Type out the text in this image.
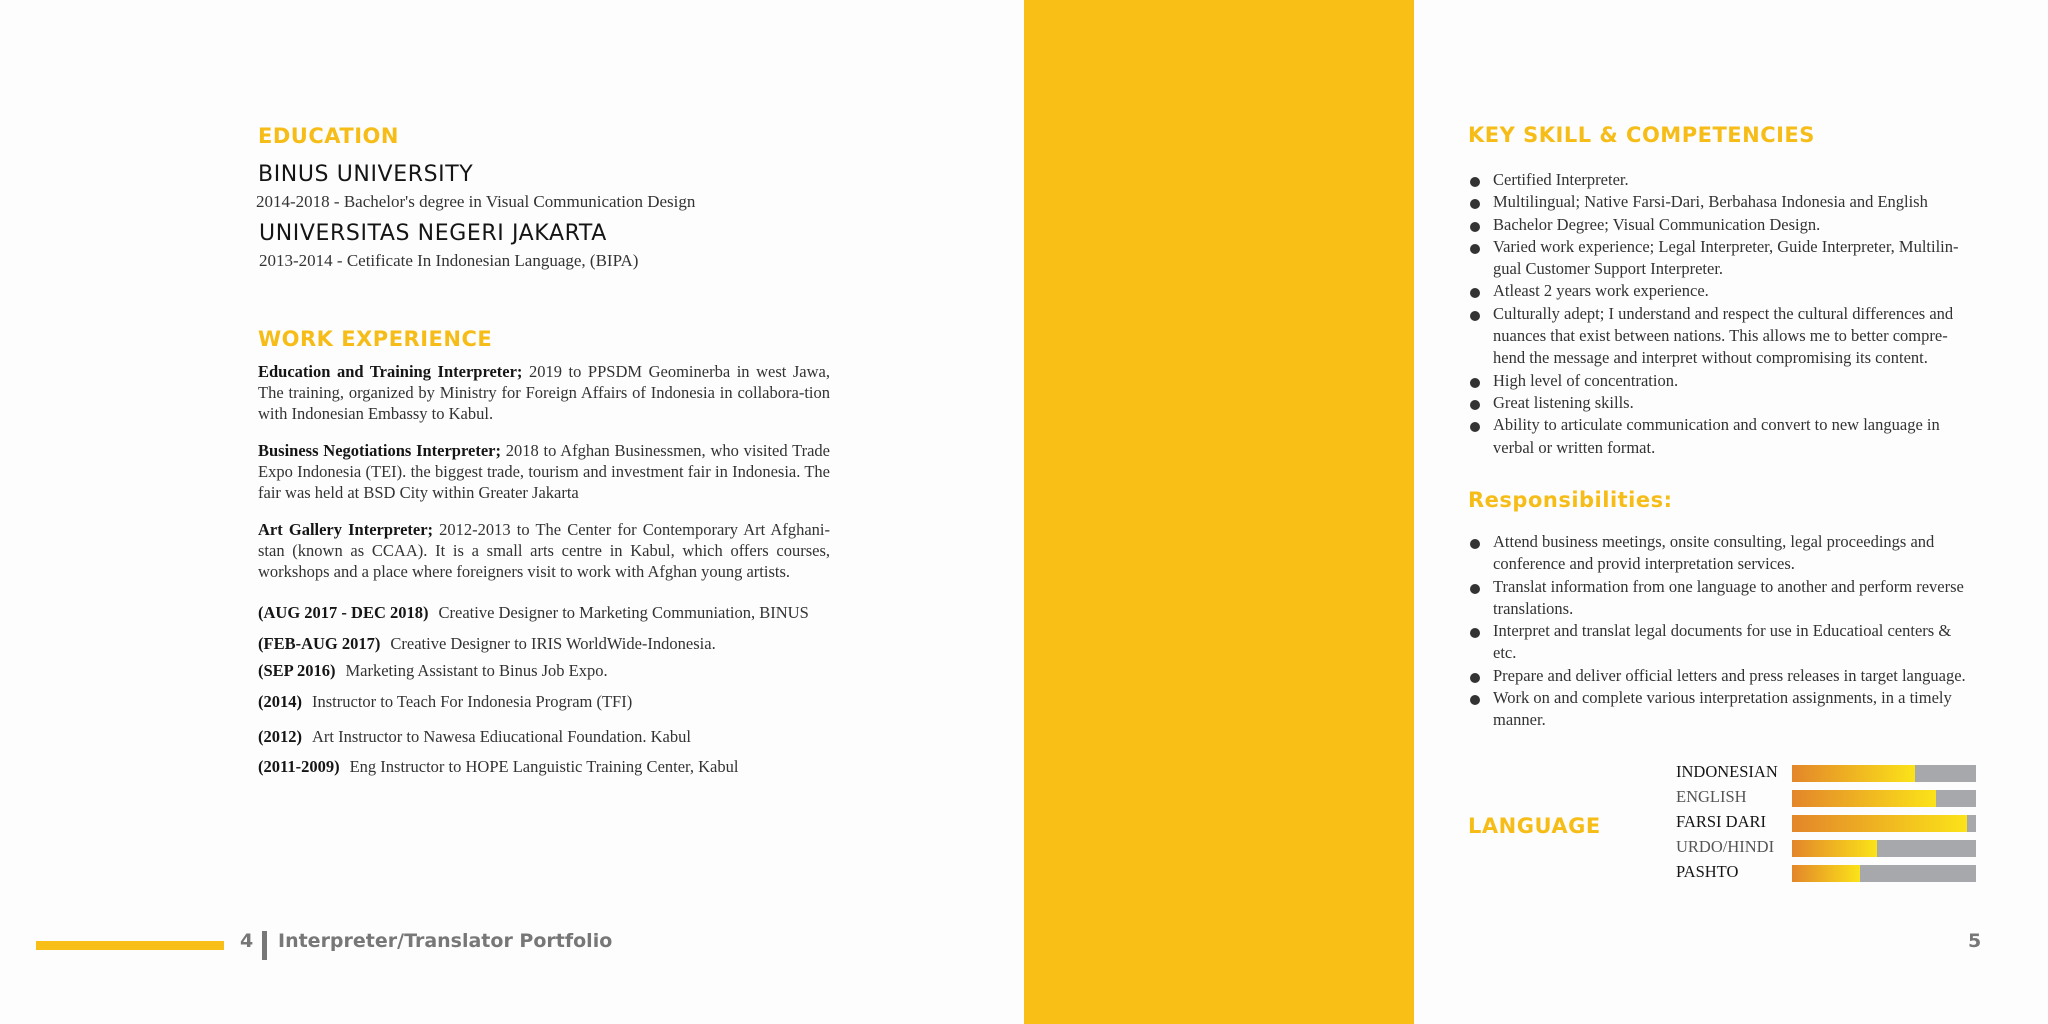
EDUCATION
BINUS UNIVERSITY
2014-2018 - Bachelor's degree in Visual Communication Design
UNIVERSITAS NEGERI JAKARTA
2013-2014 - Cetificate In Indonesian Language, (BIPA)
WORK EXPERIENCE

Education and Training Interpreter; 2019 to PPSDM Geominerba in west Jawa, The training, organized by Ministry for Foreign Affairs of Indonesia in collabora-tion with Indonesian Embassy to Kabul.

Business Negotiations Interpreter; 2018 to Afghan Businessmen, who visited Trade Expo Indonesia (TEI). the biggest trade, tourism and investment fair in Indonesia. The fair was held at BSD City within Greater Jakarta

Art Gallery Interpreter; 2012-2013 to The Center for Contemporary Art Afghani-stan (known as CCAA). It is a small arts centre in Kabul, which offers courses, workshops and a place where foreigners visit to work with Afghan young artists.

(AUG 2017 - DEC 2018) Creative Designer to Marketing Communiation, BINUS
(FEB-AUG 2017) Creative Designer to IRIS WorldWide-Indonesia.
(SEP 2016) Marketing Assistant to Binus Job Expo.
(2014) Instructor to Teach For Indonesia Program (TFI)
(2012) Art Instructor to Nawesa Ediucational Foundation. Kabul
(2011-2009) Eng Instructor to HOPE Languistic Training Center, Kabul
4 Interpreter/Translator Portfolio
KEY SKILL & COMPETENCIES
Certified Interpreter.
Multilingual; Native Farsi-Dari, Berbahasa Indonesia and English
Bachelor Degree; Visual Communication Design.
Varied work experience; Legal Interpreter, Guide Interpreter, Multilin-gual Customer Support Interpreter.
Atleast 2 years work experience.
Culturally adept; I understand and respect the cultural differences and nuances that exist between nations. This allows me to better compre-hend the message and interpret without compromising its content.
High level of concentration.
Great listening skills.
Ability to articulate communication and convert to new language in verbal or written format.
Responsibilities:
Attend business meetings, onsite consulting, legal proceedings and conference and provid interpretation services.
Translat information from one language to another and perform reverse translations.
Interpret and translat legal documents for use in Educatioal centers & etc.
Prepare and deliver official letters and press releases in target language.
Work on and complete various interpretation assignments, in a timely manner.
LANGUAGE
INDONESIAN
ENGLISH
FARSI DARI
URDO/HINDI
PASHTO
5
